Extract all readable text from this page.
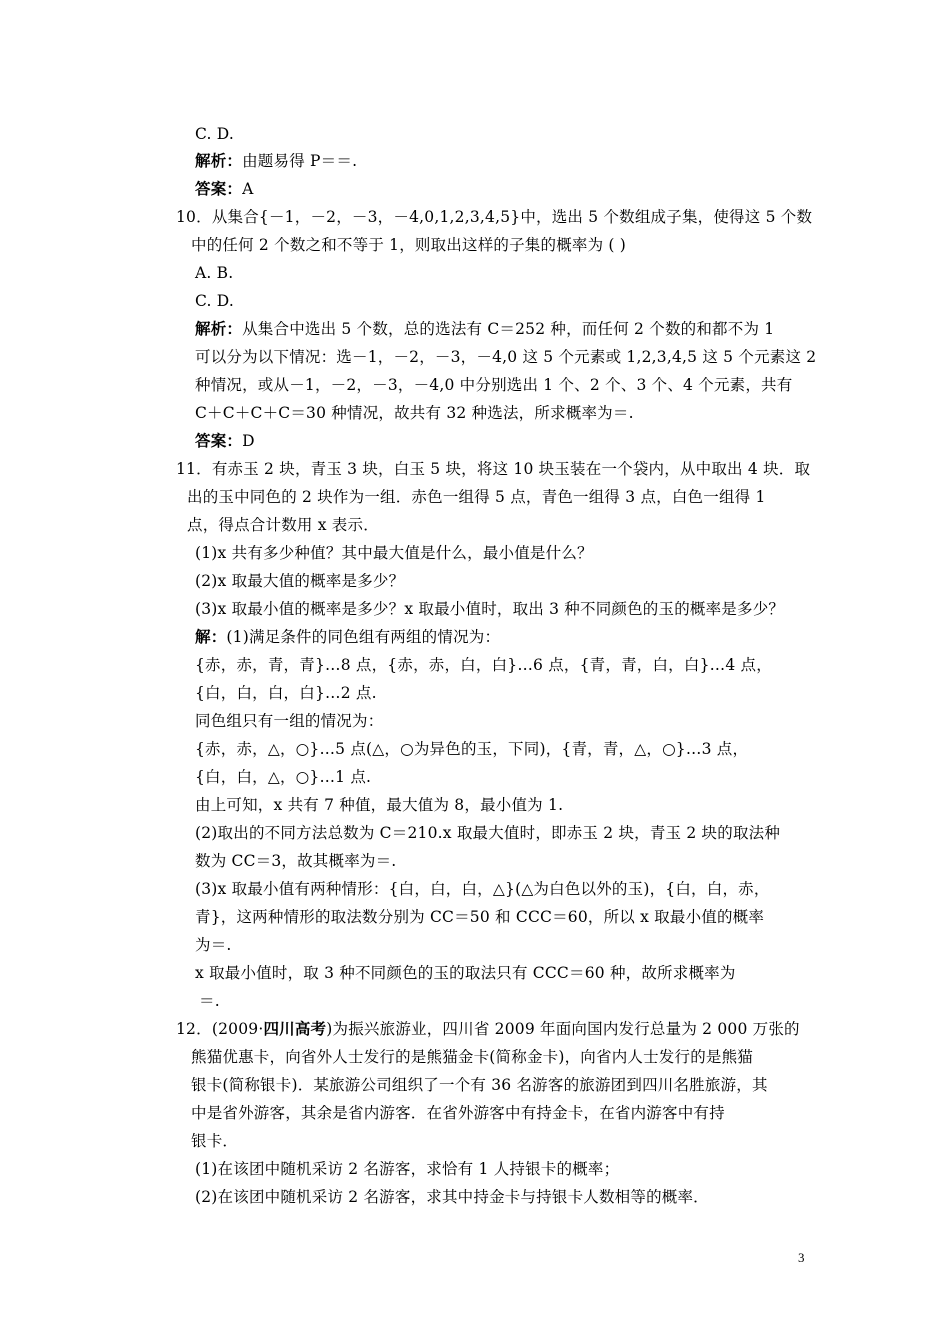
C. D.
解析：由题易得 P＝＝.
答案：A
10．从集合{－1，－2，－3，－4,0,1,2,3,4,5}中，选出 5 个数组成子集，使得这 5 个数
中的任何 2 个数之和不等于 1，则取出这样的子集的概率为 ( )
A. B.
C. D.
解析：从集合中选出 5 个数，总的选法有 C＝252 种，而任何 2 个数的和都不为 1
可以分为以下情况：选－1，－2，－3，－4,0 这 5 个元素或 1,2,3,4,5 这 5 个元素这 2
种情况，或从－1，－2，－3，－4,0 中分别选出 1 个、2 个、3 个、4 个元素，共有
C＋C＋C＋C＝30 种情况，故共有 32 种选法，所求概率为＝.
答案：D
11．有赤玉 2 块，青玉 3 块，白玉 5 块，将这 10 块玉装在一个袋内，从中取出 4 块．取
出的玉中同色的 2 块作为一组．赤色一组得 5 点，青色一组得 3 点，白色一组得 1
点，得点合计数用 x 表示．
(1)x 共有多少种值？其中最大值是什么，最小值是什么？
(2)x 取最大值的概率是多少？
(3)x 取最小值的概率是多少？x 取最小值时，取出 3 种不同颜色的玉的概率是多少？
解：(1)满足条件的同色组有两组的情况为：
{赤，赤，青，青}…8 点，{赤，赤，白，白}…6 点，{青，青，白，白}…4 点，
{白，白，白，白}…2 点.
同色组只有一组的情况为：
{赤，赤，△，○}…5 点(△，○为异色的玉，下同)，{青，青，△，○}…3 点，
{白，白，△，○}…1 点.
由上可知，x 共有 7 种值，最大值为 8，最小值为 1.
(2)取出的不同方法总数为 C＝210.x 取最大值时，即赤玉 2 块，青玉 2 块的取法种
数为 CC＝3，故其概率为＝.
(3)x 取最小值有两种情形：{白，白，白，△}(△为白色以外的玉)，{白，白，赤，
青}，这两种情形的取法数分别为 CC＝50 和 CCC＝60，所以 x 取最小值的概率
为＝.
x 取最小值时，取 3 种不同颜色的玉的取法只有 CCC＝60 种，故所求概率为
＝.
12．(2009·四川高考)为振兴旅游业，四川省 2009 年面向国内发行总量为 2 000 万张的
熊猫优惠卡，向省外人士发行的是熊猫金卡(简称金卡)，向省内人士发行的是熊猫
银卡(简称银卡)．某旅游公司组织了一个有 36 名游客的旅游团到四川名胜旅游，其
中是省外游客，其余是省内游客．在省外游客中有持金卡，在省内游客中有持
银卡．
(1)在该团中随机采访 2 名游客，求恰有 1 人持银卡的概率；
(2)在该团中随机采访 2 名游客，求其中持金卡与持银卡人数相等的概率．
3
